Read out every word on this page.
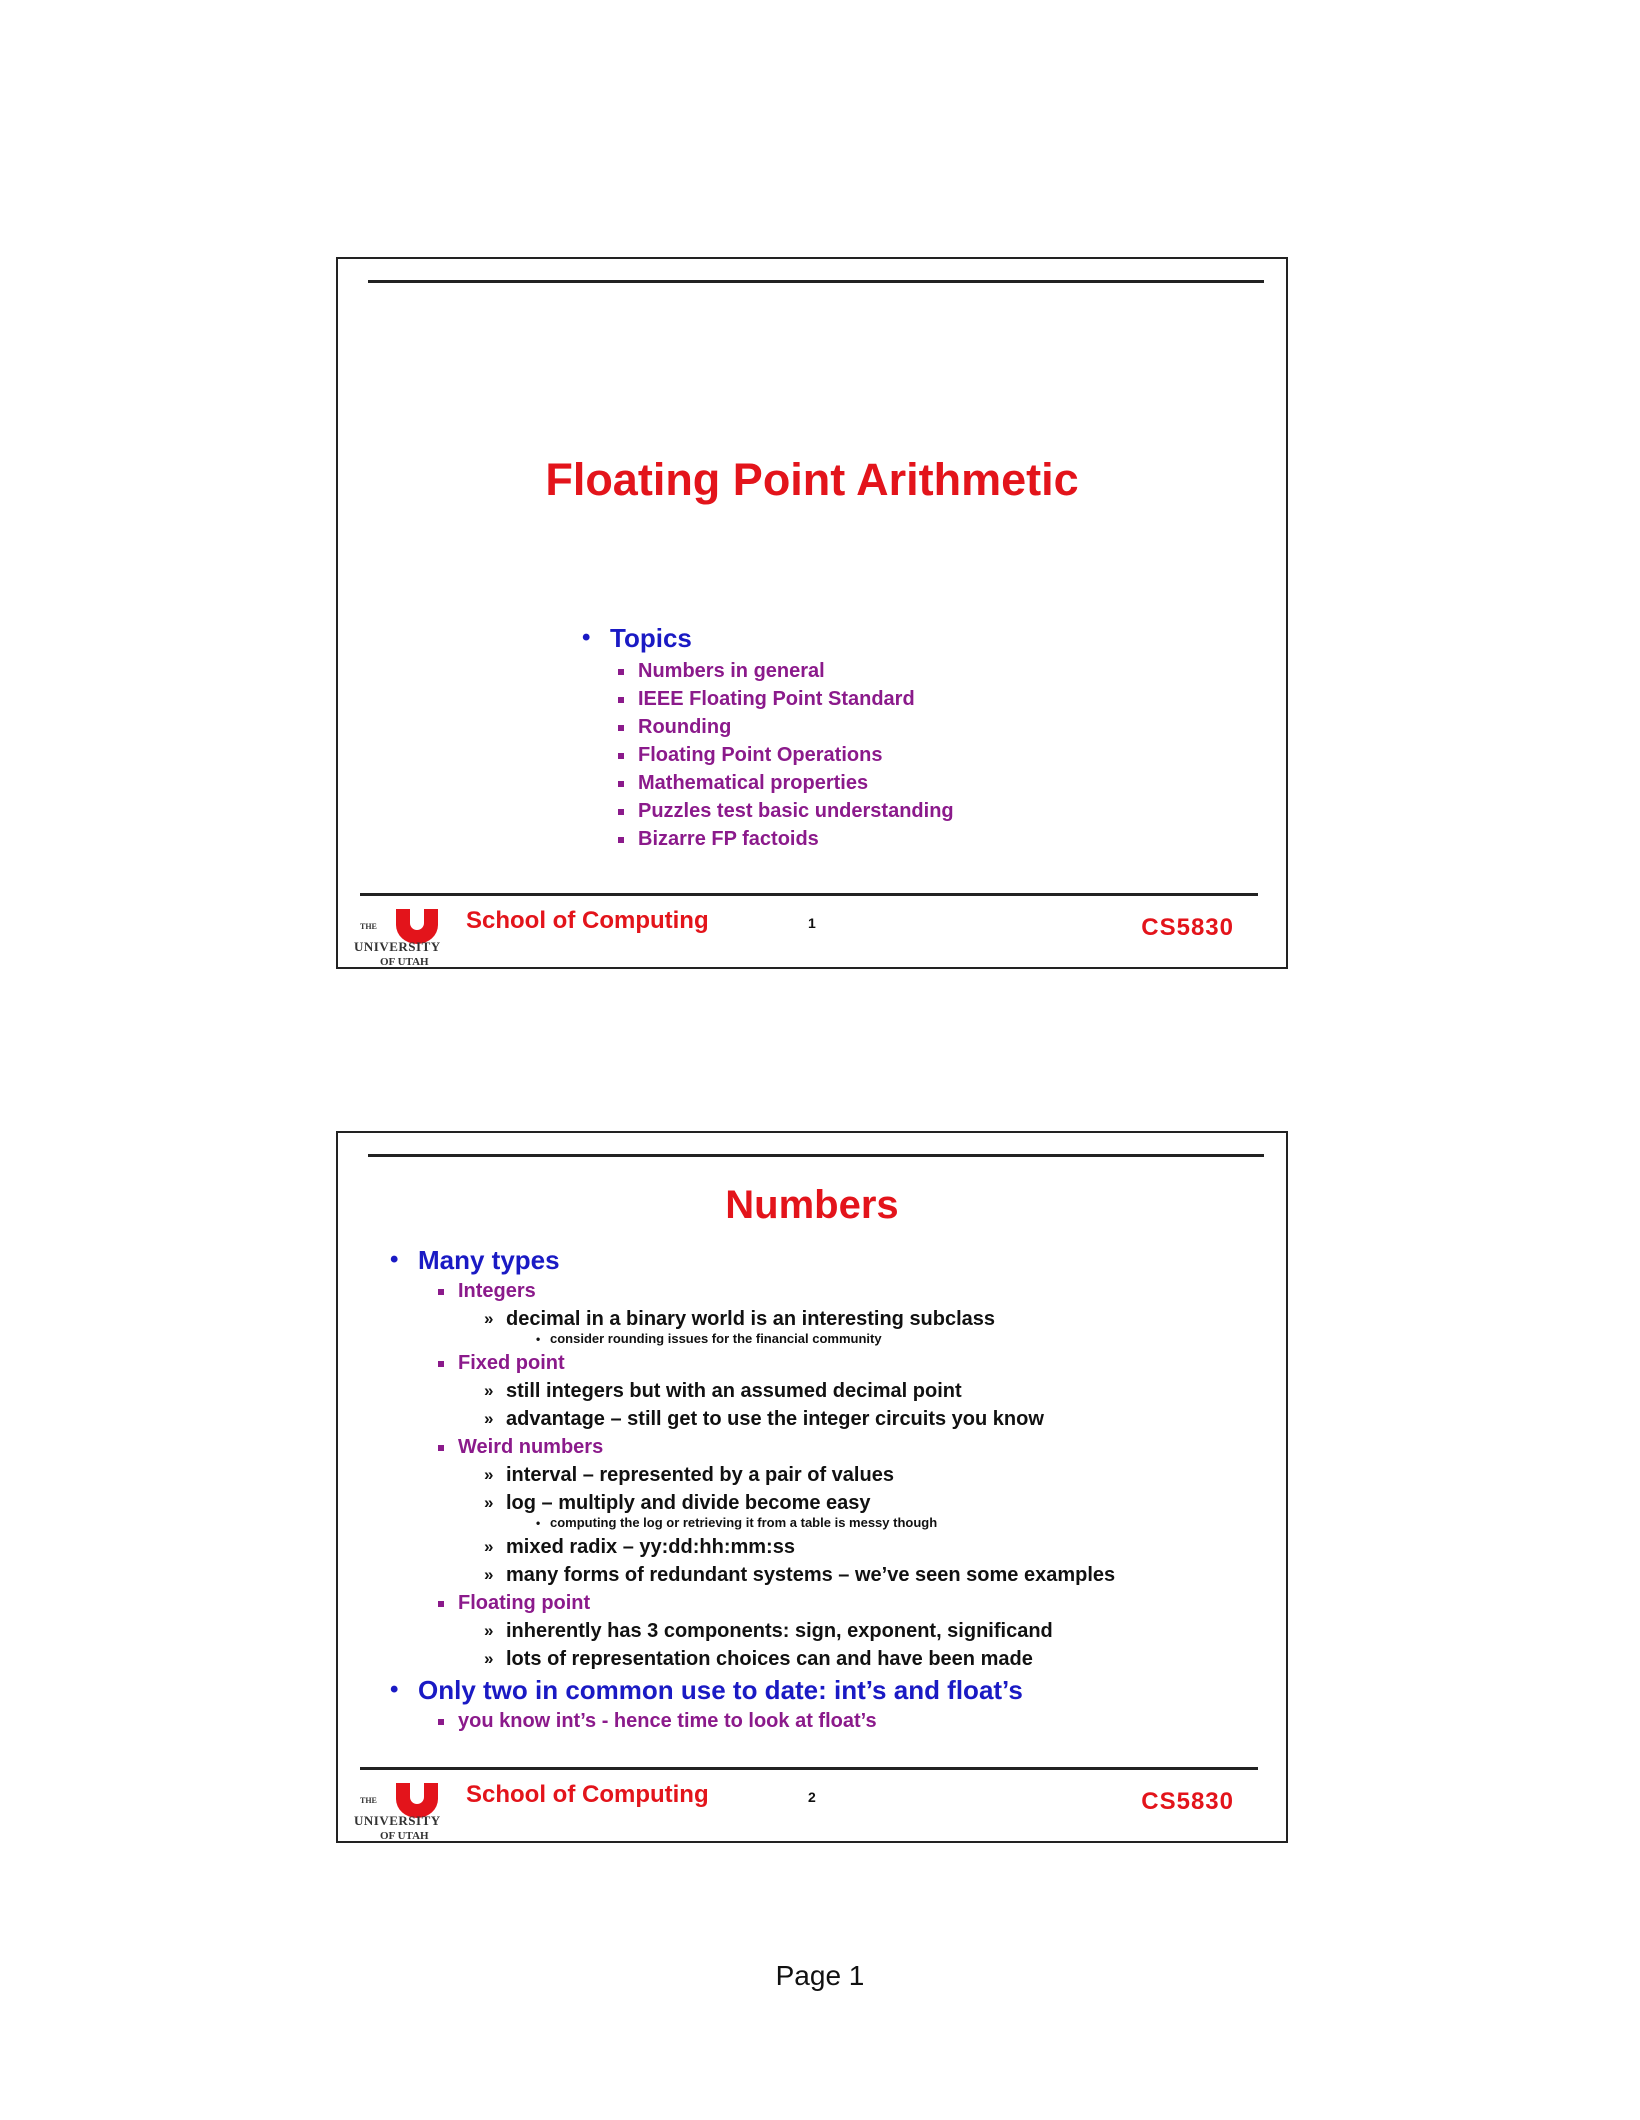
Floating Point Arithmetic
• Topics
Numbers in general
IEEE Floating Point Standard
Rounding
Floating Point Operations
Mathematical properties
Puzzles test basic understanding
Bizarre FP factoids
THE
UNIVERSITY
OF UTAH
School of Computing	1	CS5830
Numbers
• Many types
Integers
» decimal in a binary world is an interesting subclass
• consider rounding issues for the financial community
Fixed point
» still integers but with an assumed decimal point
» advantage – still get to use the integer circuits you know
Weird numbers
» interval – represented by a pair of values
» log – multiply and divide become easy
• computing the log or retrieving it from a table is messy though
» mixed radix – yy:dd:hh:mm:ss
» many forms of redundant systems – we’ve seen some examples
Floating point
» inherently has 3 components: sign, exponent, significand
» lots of representation choices can and have been made
• Only two in common use to date: int’s and float’s
you know int’s - hence time to look at float’s
THE
UNIVERSITY
OF UTAH
School of Computing	2	CS5830
Page 1
